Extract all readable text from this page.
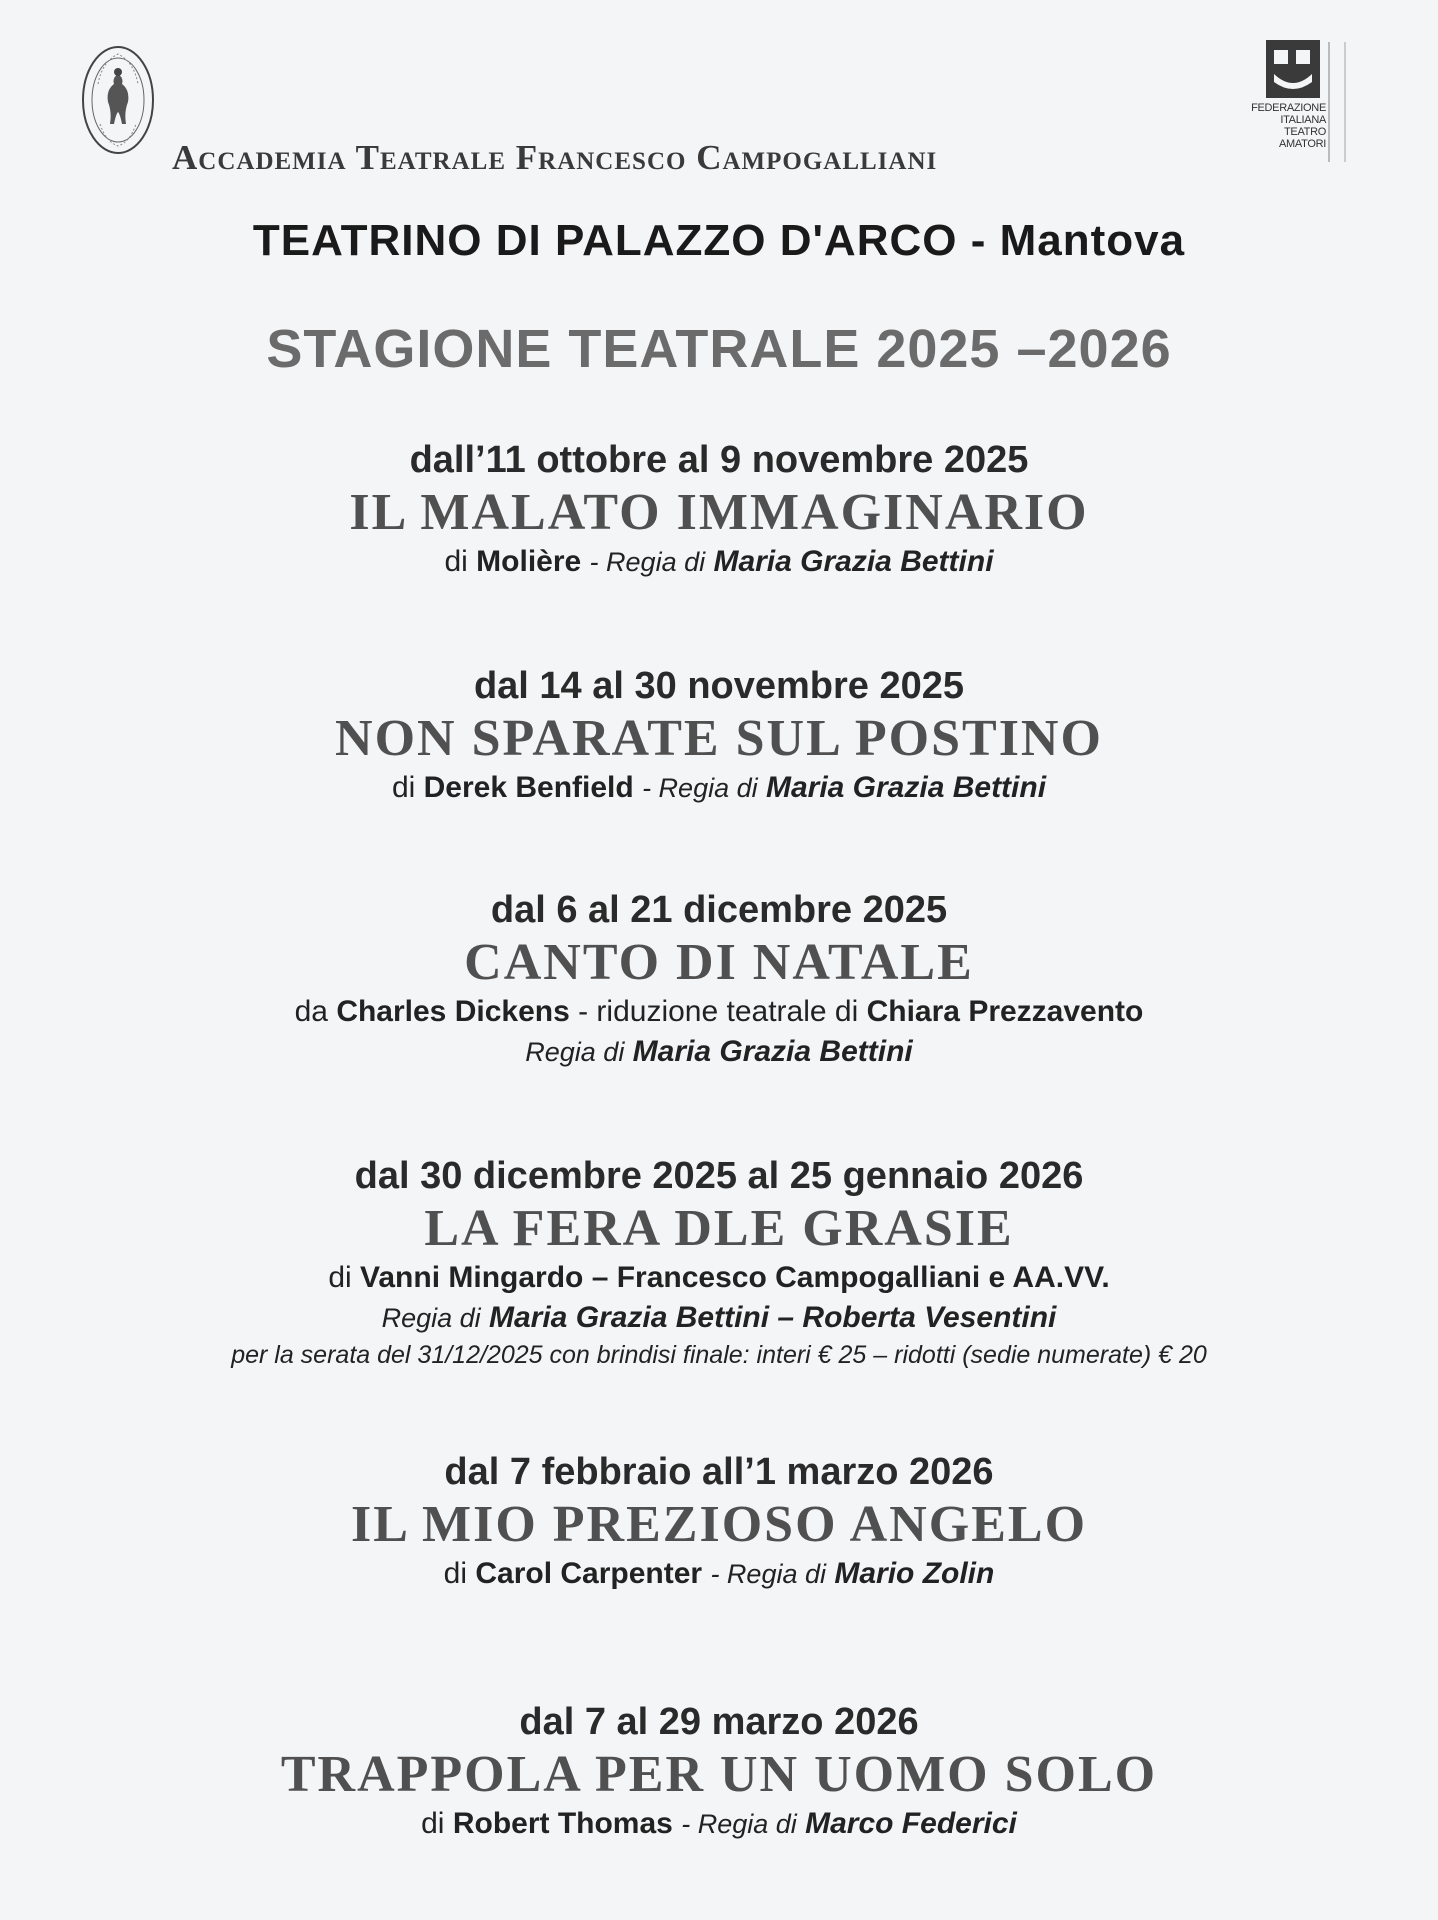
FEDERAZIONE
ITALIANA
TEATRO
AMATORI
Accademia Teatrale Francesco Campogalliani
TEATRINO DI PALAZZO D'ARCO - Mantova
STAGIONE TEATRALE 2025 –2026
dall’11 ottobre al 9 novembre 2025
IL MALATO IMMAGINARIO
di Molière - Regia di Maria Grazia Bettini
dal 14 al 30 novembre 2025
NON SPARATE SUL POSTINO
di Derek Benfield - Regia di Maria Grazia Bettini
dal 6 al 21 dicembre 2025
CANTO DI NATALE
da Charles Dickens - riduzione teatrale di Chiara Prezzavento
Regia di Maria Grazia Bettini
dal 30 dicembre 2025 al 25 gennaio 2026
LA FERA DLE GRASIE
di Vanni Mingardo – Francesco Campogalliani e AA.VV.
Regia di Maria Grazia Bettini – Roberta Vesentini
per la serata del 31/12/2025 con brindisi finale: interi € 25 – ridotti (sedie numerate) € 20
dal 7 febbraio all’1 marzo 2026
IL MIO PREZIOSO ANGELO
di Carol Carpenter - Regia di Mario Zolin
dal 7 al 29 marzo 2026
TRAPPOLA PER UN UOMO SOLO
di Robert Thomas - Regia di Marco Federici
